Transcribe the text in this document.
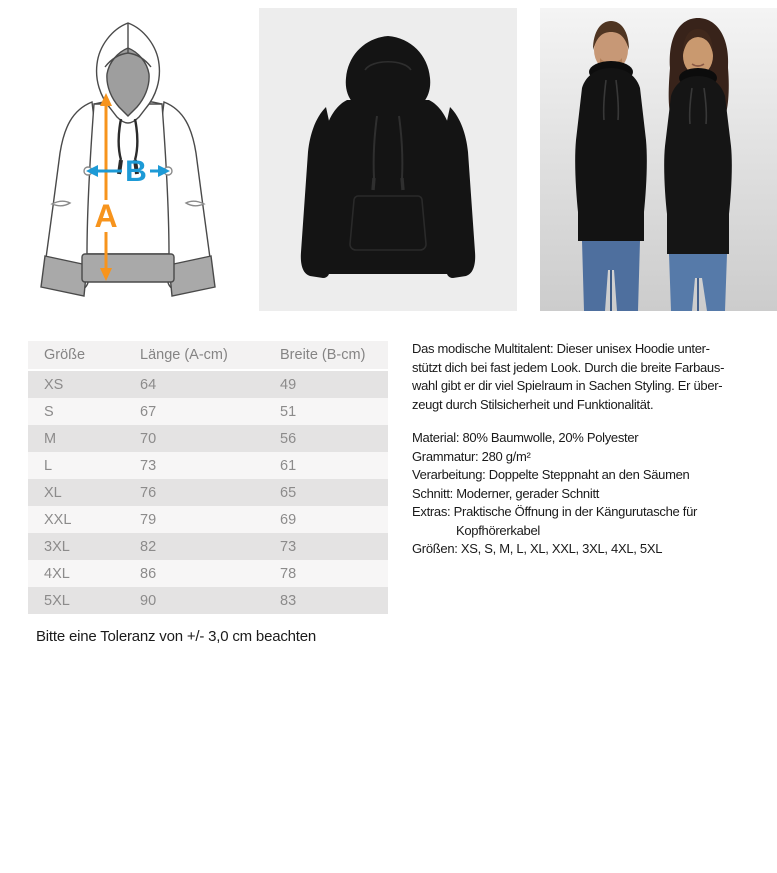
A
B
Größe	Länge (A-cm)	Breite (B-cm)
XS	64	49
S	67	51
M	70	56
L	73	61
XL	76	65
XXL	79	69
3XL	82	73
4XL	86	78
5XL	90	83
Das modische Multitalent: Dieser unisex Hoodie unter-
stützt dich bei fast jedem Look. Durch die breite Farbaus-
wahl gibt er dir viel Spielraum in Sachen Styling. Er über-
zeugt durch Stilsicherheit und Funktionalität.
Material: 80% Baumwolle, 20% Polyester
Grammatur: 280 g/m²
Verarbeitung: Doppelte Steppnaht an den Säumen
Schnitt: Moderner, gerader Schnitt
Extras: Praktische Öffnung in der Kängurutasche für
Kopfhörerkabel
Größen: XS, S, M, L, XL, XXL, 3XL, 4XL, 5XL
Bitte eine Toleranz von +/- 3,0 cm beachten
